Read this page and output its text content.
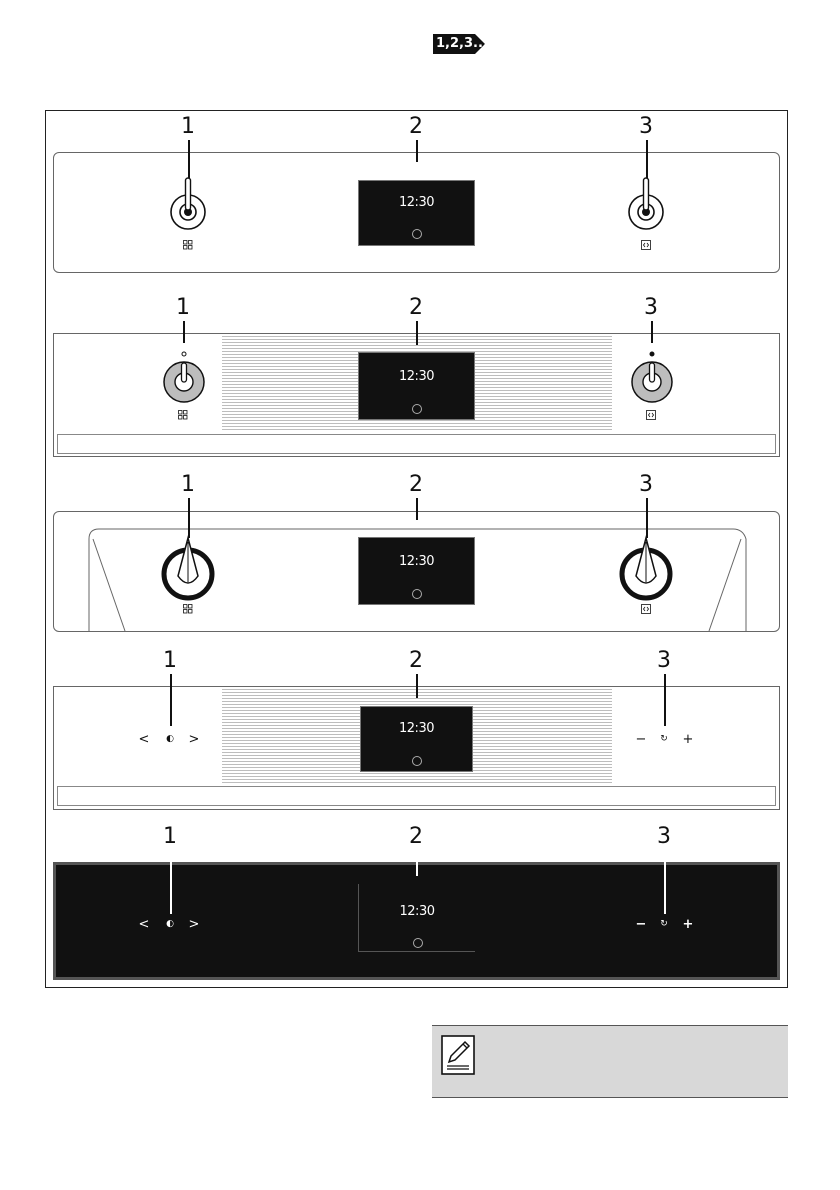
1,2,3...
1	2	3
12:30
1	2	3
12:30
1	2	3
12:30
1	2	3
<	◐	>	−	↻	+
12:30
1	2	3
<	◐	>	−	↻	+
12:30
